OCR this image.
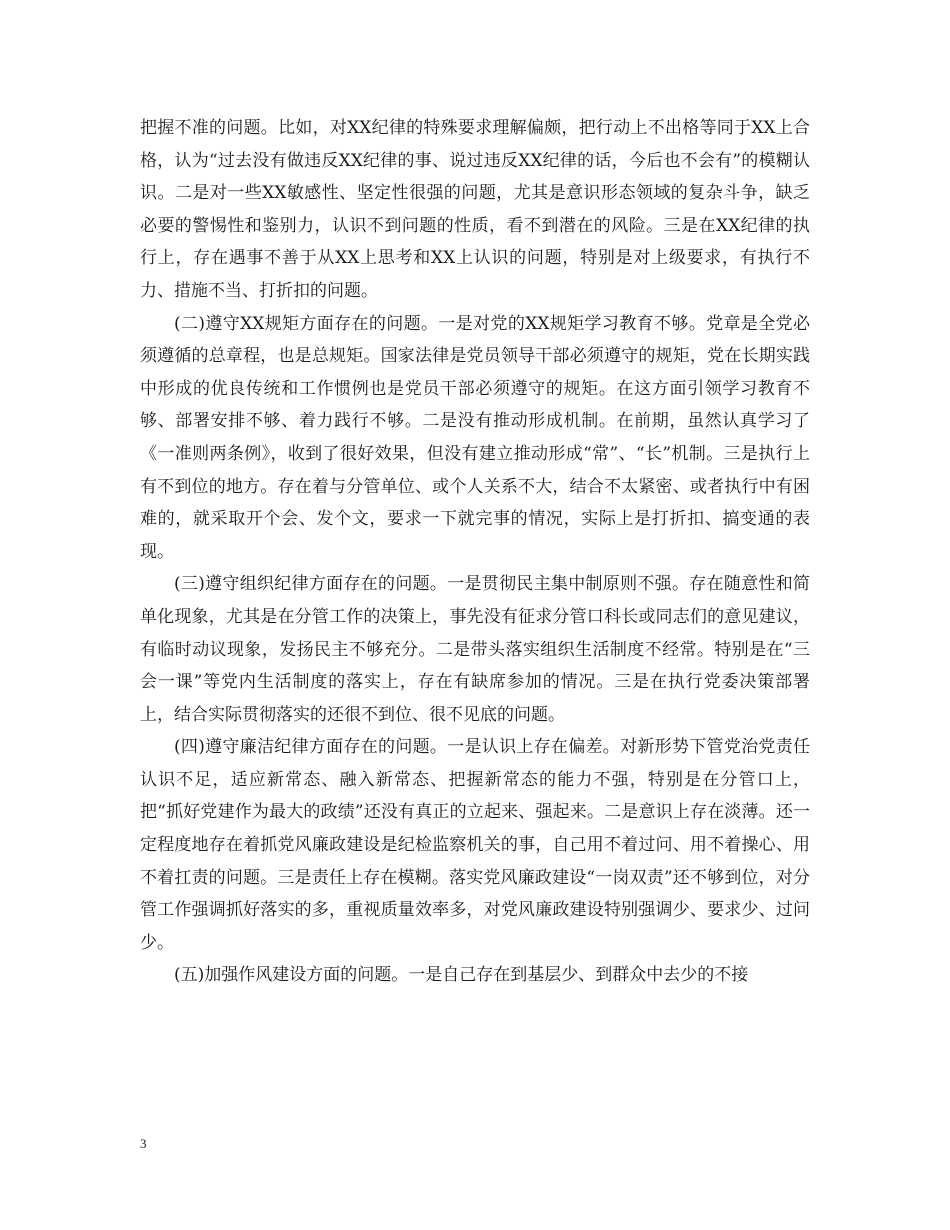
把握不准的问题。比如，对XX纪律的特殊要求理解偏颇，把行动上不出格等同于XX上合格，认为“过去没有做违反XX纪律的事、说过违反XX纪律的话，今后也不会有”的模糊认识。二是对一些XX敏感性、坚定性很强的问题，尤其是意识形态领域的复杂斗争，缺乏必要的警惕性和鉴别力，认识不到问题的性质，看不到潜在的风险。三是在XX纪律的执行上，存在遇事不善于从XX上思考和XX上认识的问题，特别是对上级要求，有执行不力、措施不当、打折扣的问题。

(二)遵守XX规矩方面存在的问题。一是对党的XX规矩学习教育不够。党章是全党必须遵循的总章程，也是总规矩。国家法律是党员领导干部必须遵守的规矩，党在长期实践中形成的优良传统和工作惯例也是党员干部必须遵守的规矩。在这方面引领学习教育不够、部署安排不够、着力践行不够。二是没有推动形成机制。在前期，虽然认真学习了《一准则两条例》，收到了很好效果，但没有建立推动形成“常”、“长”机制。三是执行上有不到位的地方。存在着与分管单位、或个人关系不大，结合不太紧密、或者执行中有困难的，就采取开个会、发个文，要求一下就完事的情况，实际上是打折扣、搞变通的表现。

(三)遵守组织纪律方面存在的问题。一是贯彻民主集中制原则不强。存在随意性和简单化现象，尤其是在分管工作的决策上，事先没有征求分管口科长或同志们的意见建议，有临时动议现象，发扬民主不够充分。二是带头落实组织生活制度不经常。特别是在“三会一课”等党内生活制度的落实上，存在有缺席参加的情况。三是在执行党委决策部署上，结合实际贯彻落实的还很不到位、很不见底的问题。

(四)遵守廉洁纪律方面存在的问题。一是认识上存在偏差。对新形势下管党治党责任认识不足，适应新常态、融入新常态、把握新常态的能力不强，特别是在分管口上，把“抓好党建作为最大的政绩”还没有真正的立起来、强起来。二是意识上存在淡薄。还一定程度地存在着抓党风廉政建设是纪检监察机关的事，自己用不着过问、用不着操心、用不着扛责的问题。三是责任上存在模糊。落实党风廉政建设“一岗双责”还不够到位，对分管工作强调抓好落实的多，重视质量效率多，对党风廉政建设特别强调少、要求少、过问少。

(五)加强作风建设方面的问题。一是自己存在到基层少、到群众中去少的不接

3
